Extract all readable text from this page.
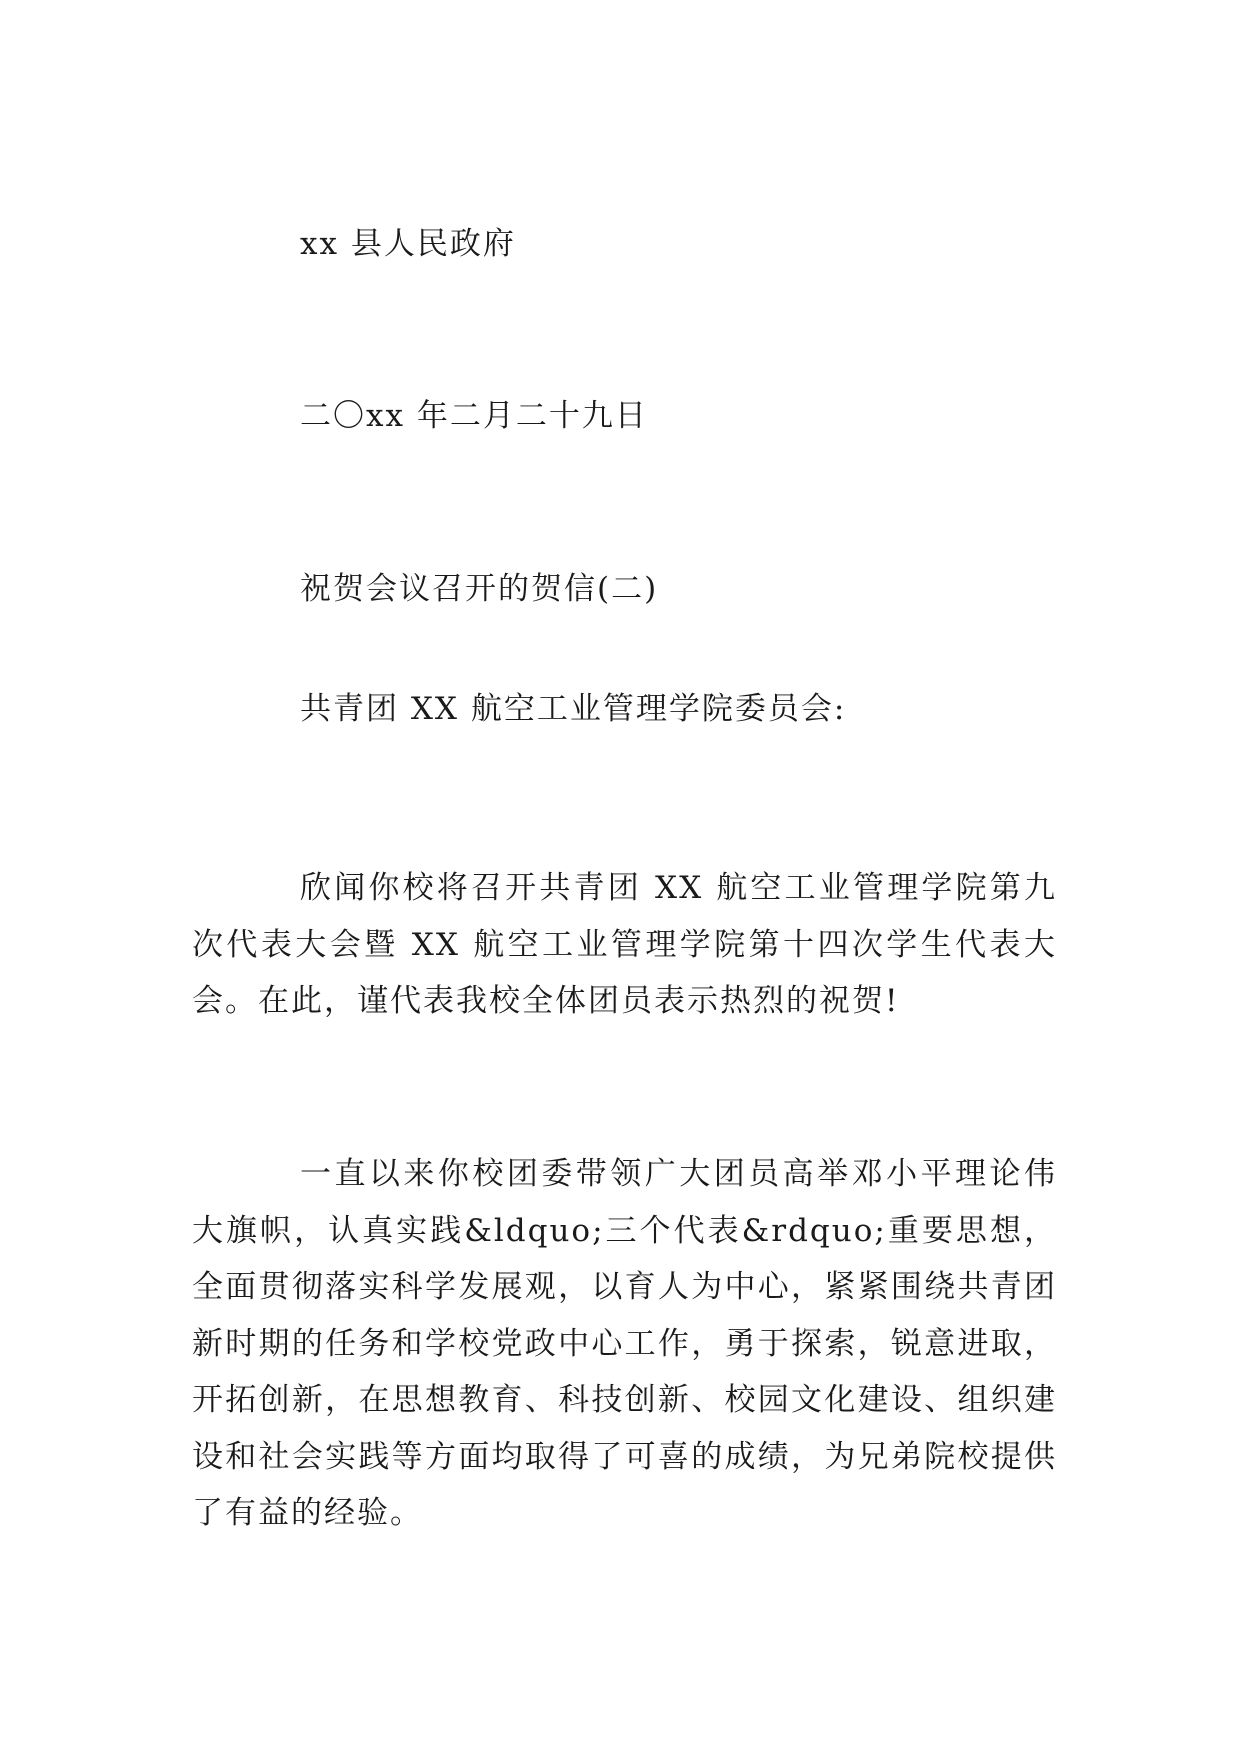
xx 县人民政府
二〇xx 年二月二十九日
祝贺会议召开的贺信(二)
共青团 XX 航空工业管理学院委员会:
欣闻你校将召开共青团 XX 航空工业管理学院第九次代表大会暨 XX 航空工业管理学院第十四次学生代表大会。在此，谨代表我校全体团员表示热烈的祝贺!
一直以来你校团委带领广大团员高举邓小平理论伟大旗帜，认真实践&ldquo;三个代表&rdquo;重要思想，全面贯彻落实科学发展观，以育人为中心，紧紧围绕共青团新时期的任务和学校党政中心工作，勇于探索，锐意进取，开拓创新，在思想教育、科技创新、校园文化建设、组织建设和社会实践等方面均取得了可喜的成绩，为兄弟院校提供了有益的经验。
